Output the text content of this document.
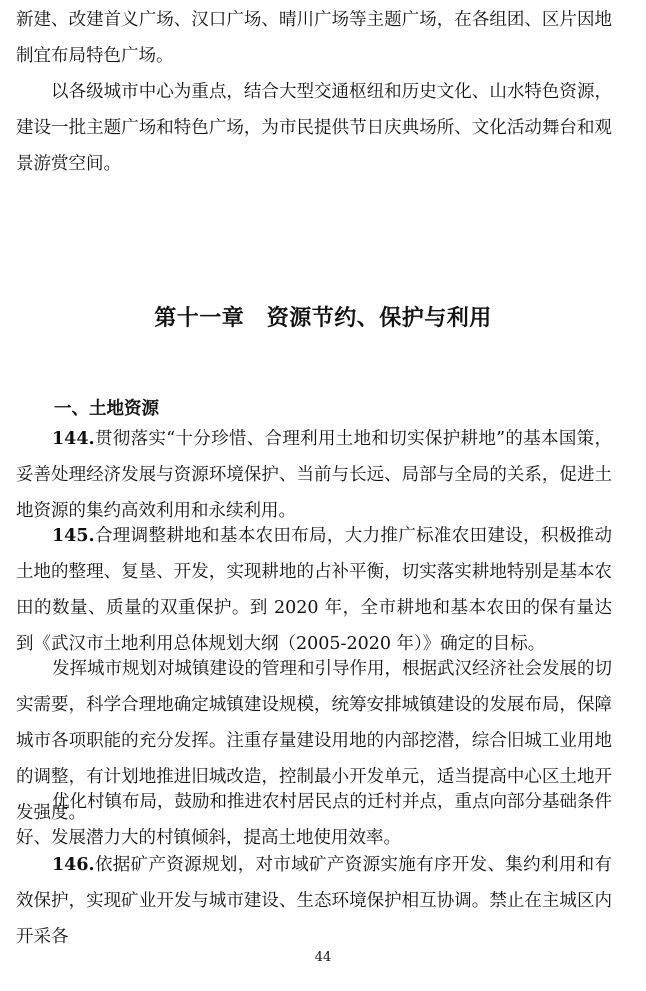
新建、改建首义广场、汉口广场、晴川广场等主题广场，在各组团、区片因地制宜布局特色广场。

　　以各级城市中心为重点，结合大型交通枢纽和历史文化、山水特色资源，建设一批主题广场和特色广场，为市民提供节日庆典场所、文化活动舞台和观景游赏空间。

第十一章　资源节约、保护与利用
一、土地资源

144.贯彻落实“十分珍惜、合理利用土地和切实保护耕地”的基本国策，妥善处理经济发展与资源环境保护、当前与长远、局部与全局的关系，促进土地资源的集约高效利用和永续利用。

145.合理调整耕地和基本农田布局，大力推广标准农田建设，积极推动土地的整理、复垦、开发，实现耕地的占补平衡，切实落实耕地特别是基本农田的数量、质量的双重保护。到 2020 年，全市耕地和基本农田的保有量达到《武汉市土地利用总体规划大纲（2005-2020 年）》确定的目标。

发挥城市规划对城镇建设的管理和引导作用，根据武汉经济社会发展的切实需要，科学合理地确定城镇建设规模，统筹安排城镇建设的发展布局，保障城市各项职能的充分发挥。注重存量建设用地的内部挖潜，综合旧城工业用地的调整，有计划地推进旧城改造，控制最小开发单元，适当提高中心区土地开发强度。

优化村镇布局，鼓励和推进农村居民点的迁村并点，重点向部分基础条件好、发展潜力大的村镇倾斜，提高土地使用效率。

146.依据矿产资源规划，对市域矿产资源实施有序开发、集约利用和有效保护，实现矿业开发与城市建设、生态环境保护相互协调。禁止在主城区内开采各

44
